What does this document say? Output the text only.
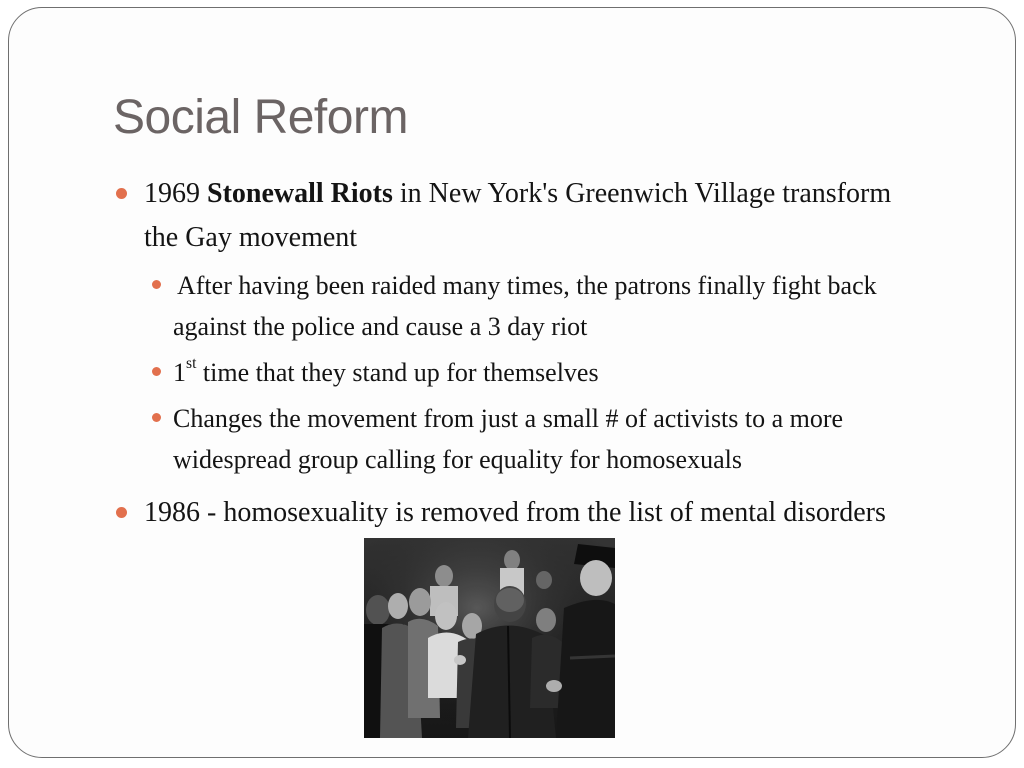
Social Reform
1969 Stonewall Riots in New York's Greenwich Village transform the Gay movement
After having been raided many times, the patrons finally fight back against the police and cause a 3 day riot
1st time that they stand up for themselves
Changes the movement from just a small # of activists to a more widespread group calling for equality for homosexuals
1986 - homosexuality is removed from the list of mental disorders
